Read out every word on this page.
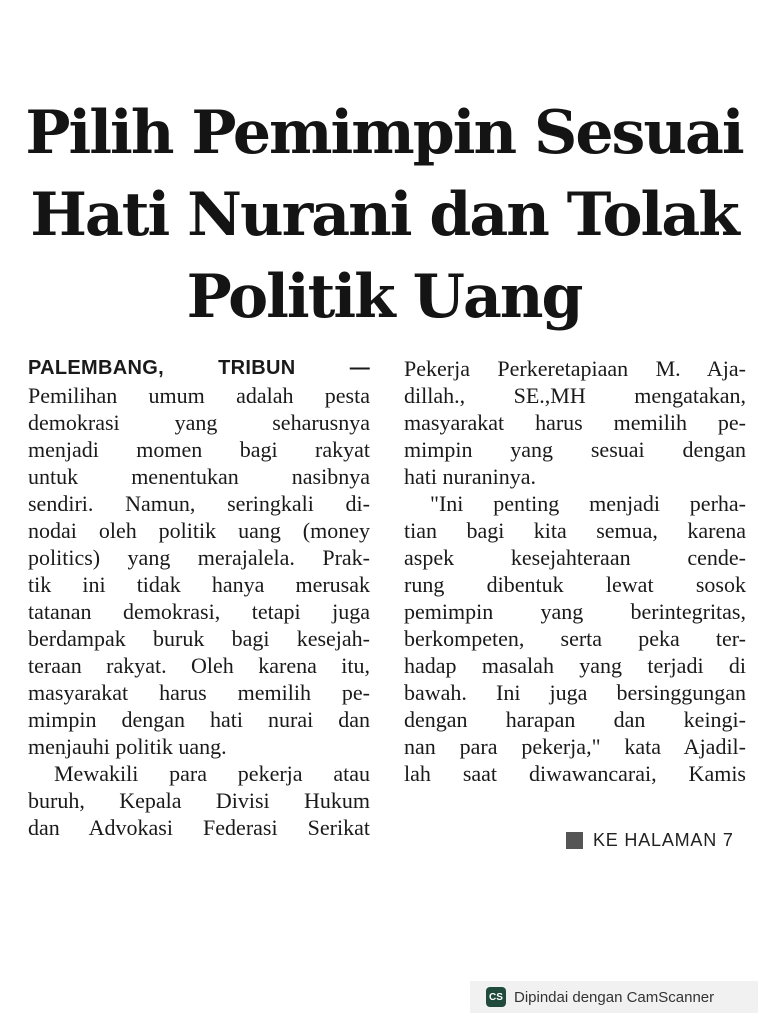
Pilih Pemimpin Sesuai
Hati Nurani dan Tolak
Politik Uang

PALEMBANG, TRIBUN —
Pemilihan umum adalah pesta
demokrasi yang seharusnya
menjadi momen bagi rakyat
untuk menentukan nasibnya
sendiri. Namun, seringkali di-
nodai oleh politik uang (money
politics) yang merajalela. Prak-
tik ini tidak hanya merusak
tatanan demokrasi, tetapi juga
berdampak buruk bagi kesejah-
teraan rakyat. Oleh karena itu,
masyarakat harus memilih pe-
mimpin dengan hati nurai dan
menjauhi politik uang.

Mewakili para pekerja atau
buruh, Kepala Divisi Hukum
dan Advokasi Federasi Serikat

Pekerja Perkeretapiaan M. Aja-
dillah., SE.,MH mengatakan,
masyarakat harus memilih pe-
mimpin yang sesuai dengan
hati nuraninya.

"Ini penting menjadi perha-
tian bagi kita semua, karena
aspek kesejahteraan cende-
rung dibentuk lewat sosok
pemimpin yang berintegritas,
berkompeten, serta peka ter-
hadap masalah yang terjadi di
bawah. Ini juga bersinggungan
dengan harapan dan keingi-
nan para pekerja," kata Ajadil-
lah saat diwawancarai, Kamis

KE HALAMAN 7
CS Dipindai dengan CamScanner
